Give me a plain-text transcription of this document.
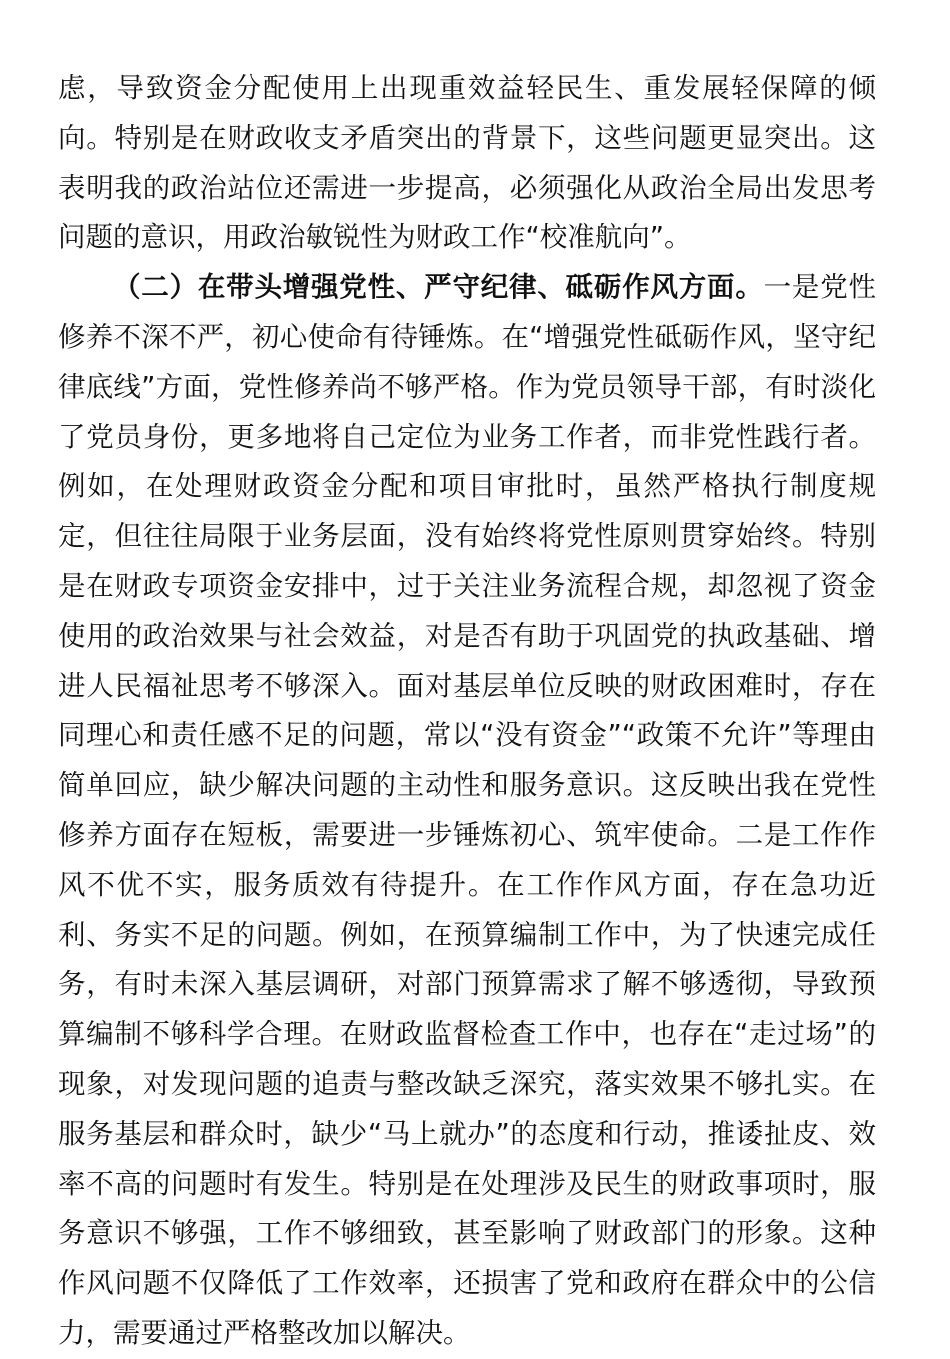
虑，导致资金分配使用上出现重效益轻民生、重发展轻保障的倾向。特别是在财政收支矛盾突出的背景下，这些问题更显突出。这表明我的政治站位还需进一步提高，必须强化从政治全局出发思考问题的意识，用政治敏锐性为财政工作“校准航向”。

（二）在带头增强党性、严守纪律、砥砺作风方面。一是党性修养不深不严，初心使命有待锤炼。在“增强党性砥砺作风，坚守纪律底线”方面，党性修养尚不够严格。作为党员领导干部，有时淡化了党员身份，更多地将自己定位为业务工作者，而非党性践行者。例如，在处理财政资金分配和项目审批时，虽然严格执行制度规定，但往往局限于业务层面，没有始终将党性原则贯穿始终。特别是在财政专项资金安排中，过于关注业务流程合规，却忽视了资金使用的政治效果与社会效益，对是否有助于巩固党的执政基础、增进人民福祉思考不够深入。面对基层单位反映的财政困难时，存在同理心和责任感不足的问题，常以“没有资金”“政策不允许”等理由简单回应，缺少解决问题的主动性和服务意识。这反映出我在党性修养方面存在短板，需要进一步锤炼初心、筑牢使命。二是工作作风不优不实，服务质效有待提升。在工作作风方面，存在急功近利、务实不足的问题。例如，在预算编制工作中，为了快速完成任务，有时未深入基层调研，对部门预算需求了解不够透彻，导致预算编制不够科学合理。在财政监督检查工作中，也存在“走过场”的现象，对发现问题的追责与整改缺乏深究，落实效果不够扎实。在服务基层和群众时，缺少“马上就办”的态度和行动，推诿扯皮、效率不高的问题时有发生。特别是在处理涉及民生的财政事项时，服务意识不够强，工作不够细致，甚至影响了财政部门的形象。这种作风问题不仅降低了工作效率，还损害了党和政府在群众中的公信力，需要通过严格整改加以解决。
